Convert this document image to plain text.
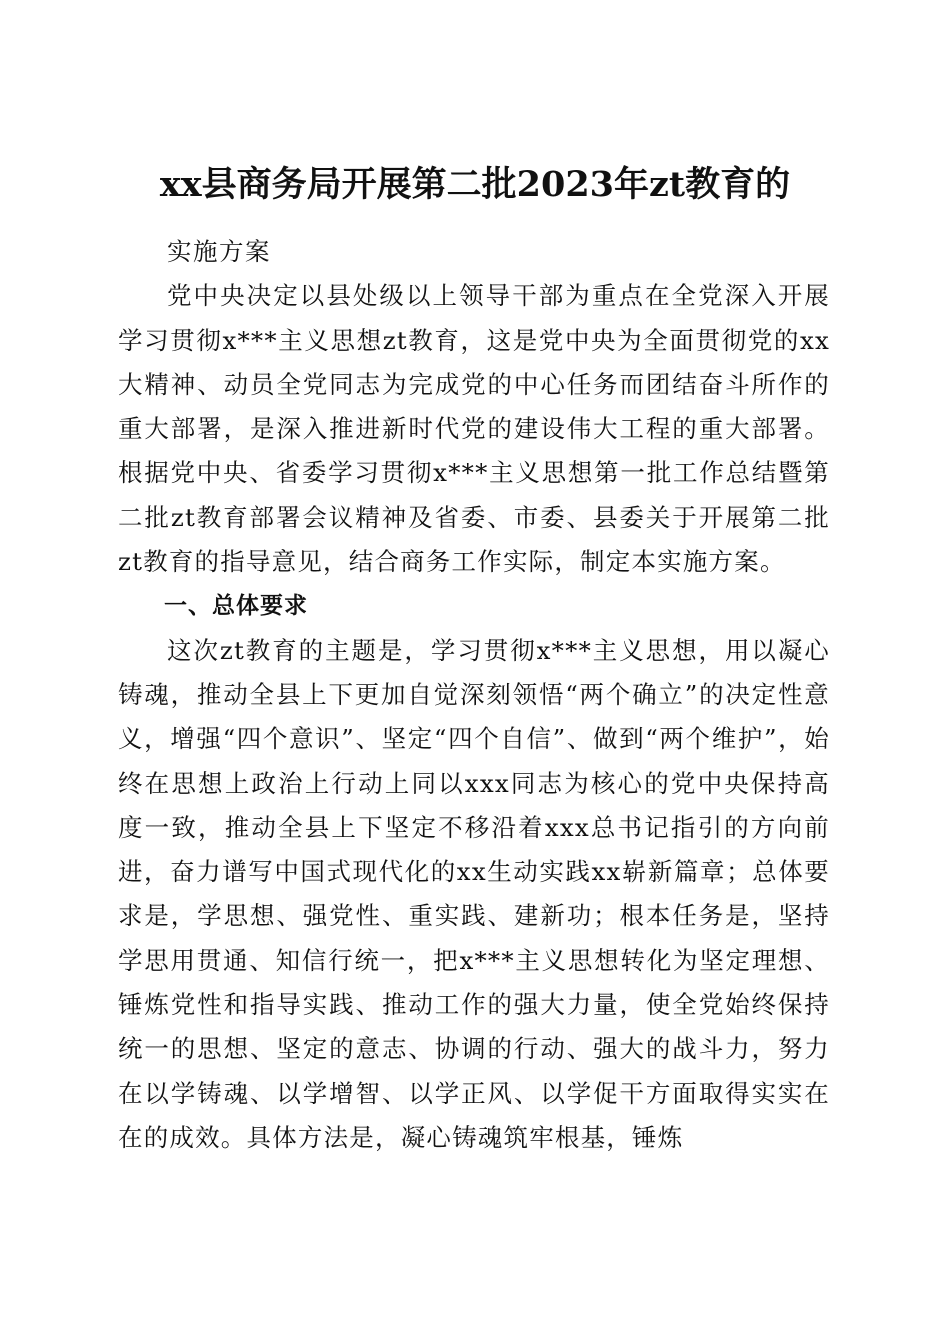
xx县商务局开展第二批2023年zt教育的

实施方案

党中央决定以县处级以上领导干部为重点在全党深入开展学习贯彻x***主义思想zt教育，这是党中央为全面贯彻党的xx大精神、动员全党同志为完成党的中心任务而团结奋斗所作的重大部署，是深入推进新时代党的建设伟大工程的重大部署。根据党中央、省委学习贯彻x***主义思想第一批工作总结暨第二批zt教育部署会议精神及省委、市委、县委关于开展第二批zt教育的指导意见，结合商务工作实际，制定本实施方案。

一、总体要求

这次zt教育的主题是，学习贯彻x***主义思想，用以凝心铸魂，推动全县上下更加自觉深刻领悟“两个确立”的决定性意义，增强“四个意识”、坚定“四个自信”、做到“两个维护”，始终在思想上政治上行动上同以xxx同志为核心的党中央保持高度一致，推动全县上下坚定不移沿着xxx总书记指引的方向前进，奋力谱写中国式现代化的xx生动实践xx崭新篇章；总体要求是，学思想、强党性、重实践、建新功；根本任务是，坚持学思用贯通、知信行统一，把x***主义思想转化为坚定理想、锤炼党性和指导实践、推动工作的强大力量，使全党始终保持统一的思想、坚定的意志、协调的行动、强大的战斗力，努力在以学铸魂、以学增智、以学正风、以学促干方面取得实实在在的成效。具体方法是，凝心铸魂筑牢根基，锤炼
